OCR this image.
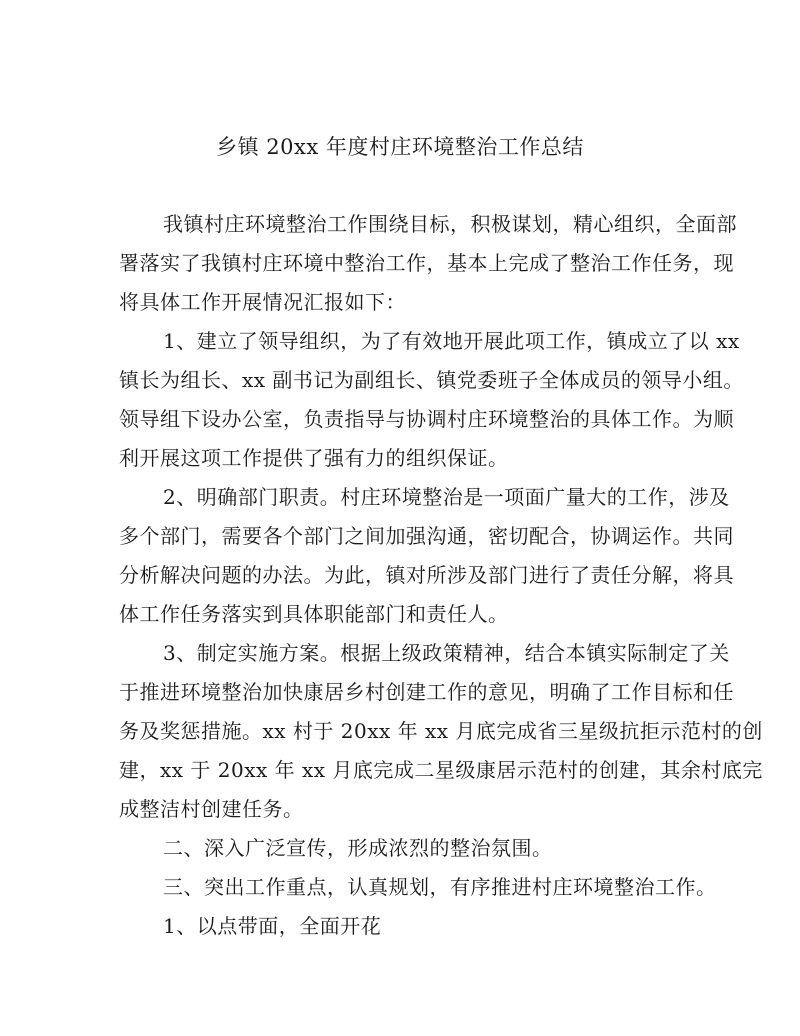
乡镇 20xx 年度村庄环境整治工作总结
我镇村庄环境整治工作围绕目标，积极谋划，精心组织，全面部
署落实了我镇村庄环境中整治工作，基本上完成了整治工作任务，现
将具体工作开展情况汇报如下：
1、建立了领导组织，为了有效地开展此项工作，镇成立了以 xx
镇长为组长、xx 副书记为副组长、镇党委班子全体成员的领导小组。
领导组下设办公室，负责指导与协调村庄环境整治的具体工作。为顺
利开展这项工作提供了强有力的组织保证。
2、明确部门职责。村庄环境整治是一项面广量大的工作，涉及
多个部门，需要各个部门之间加强沟通，密切配合，协调运作。共同
分析解决问题的办法。为此，镇对所涉及部门进行了责任分解，将具
体工作任务落实到具体职能部门和责任人。
3、制定实施方案。根据上级政策精神，结合本镇实际制定了关
于推进环境整治加快康居乡村创建工作的意见，明确了工作目标和任
务及奖惩措施。xx 村于 20xx 年 xx 月底完成省三星级抗拒示范村的创
建，xx 于 20xx 年 xx 月底完成二星级康居示范村的创建，其余村底完
成整洁村创建任务。
二、深入广泛宣传，形成浓烈的整治氛围。
三、突出工作重点，认真规划，有序推进村庄环境整治工作。
1、以点带面，全面开花
